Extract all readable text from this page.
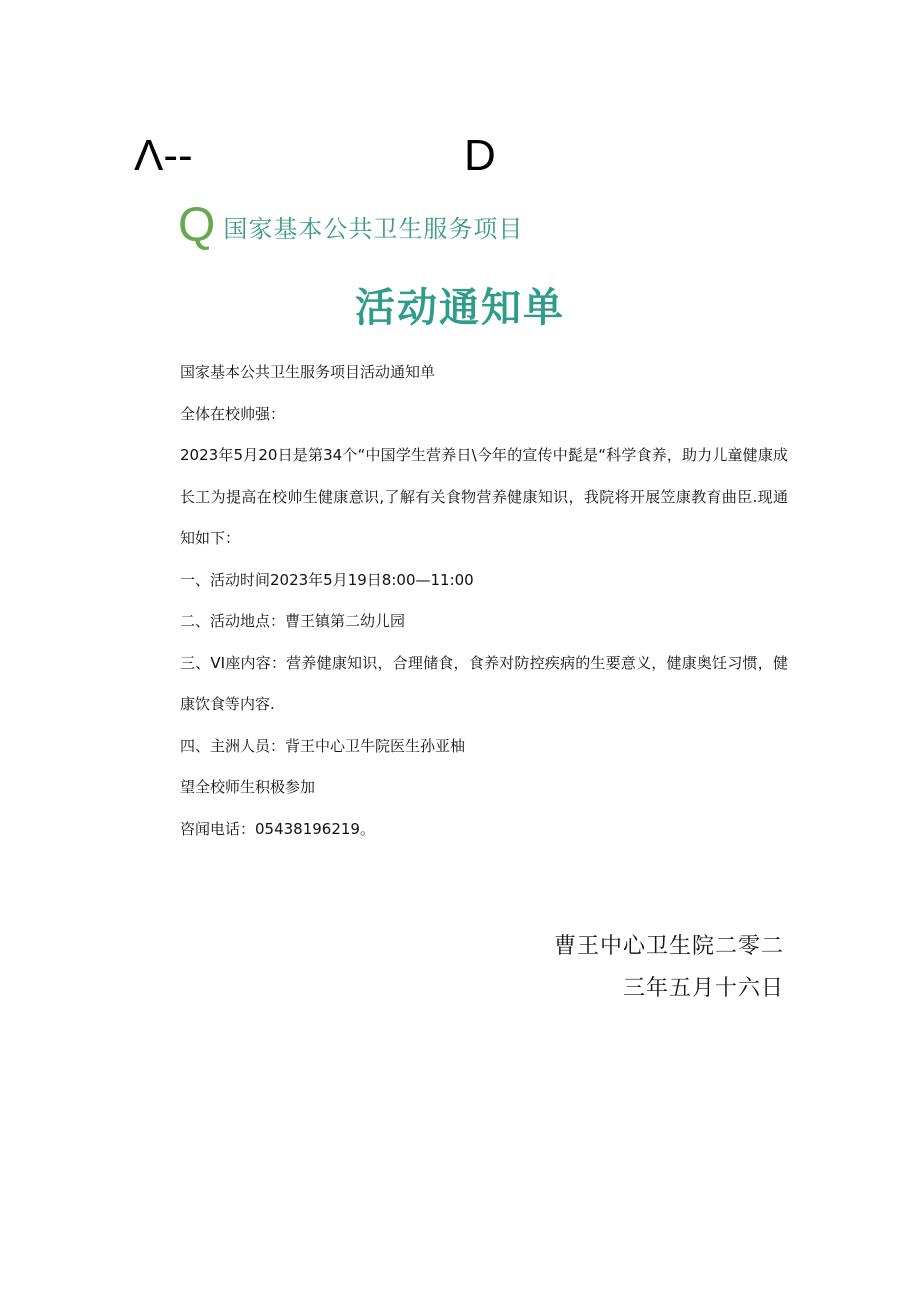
Λ--	D
Q 国家基本公共卫生服务项目
活动通知单

国家基本公共卫生服务项目活动通知单

全体在校帅强：

2023年5月20日是第34个“中国学生营养日\今年的宣传中髭是“科学食养，助力儿童健康成长工为提高在校帅生健康意识,了解有关食物营养健康知识，我院将开展笠康教育曲臣.现通知如下：

一、活动时间2023年5月19日8:00—11:00

二、活动地点：曹王镇第二幼儿园

三、VI座内容：营养健康知识，合理储食，食养对防控疾病的生要意义，健康奥饪习惯，健康饮食等内容.

四、主洲人员：背王中心卫牛院医生孙亚柚

望全校师生积极参加

咨闻电话：05438196219。

曹王中心卫生院二零二
三年五月十六日
